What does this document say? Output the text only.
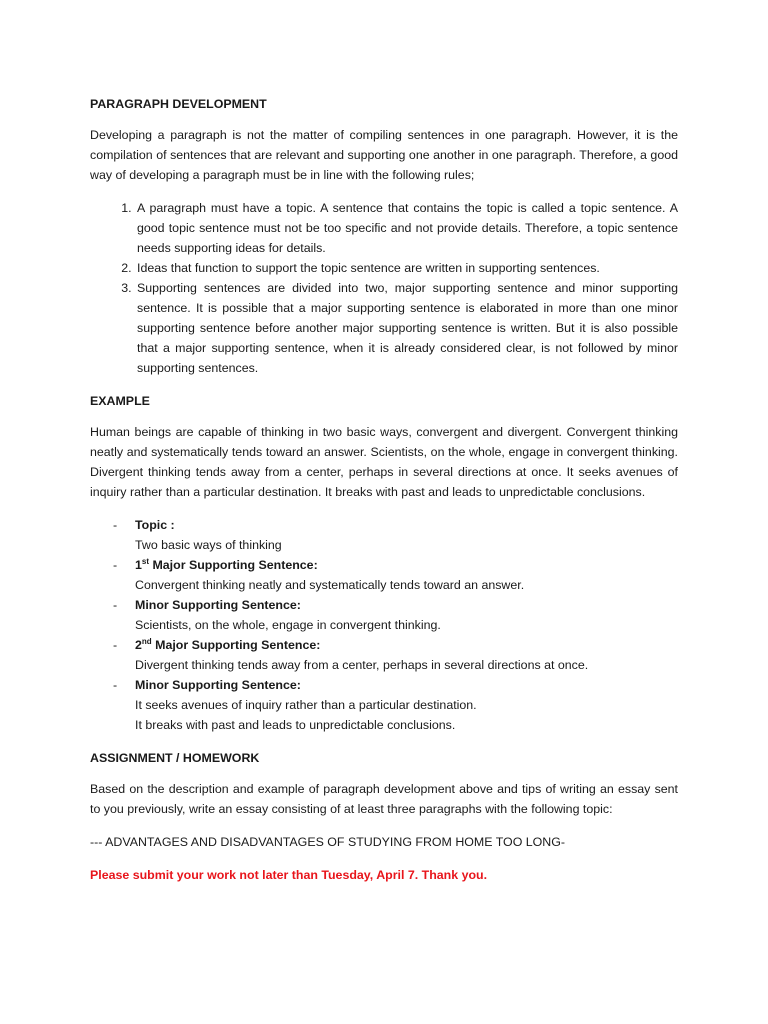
PARAGRAPH DEVELOPMENT

Developing a paragraph is not the matter of compiling sentences in one paragraph. However, it is the compilation of sentences that are relevant and supporting one another in one paragraph. Therefore, a good way of developing a paragraph must be in line with the following rules;

1. A paragraph must have a topic. A sentence that contains the topic is called a topic sentence. A good topic sentence must not be too specific and not provide details. Therefore, a topic sentence needs supporting ideas for details.
2. Ideas that function to support the topic sentence are written in supporting sentences.
3. Supporting sentences are divided into two, major supporting sentence and minor supporting sentence. It is possible that a major supporting sentence is elaborated in more than one minor supporting sentence before another major supporting sentence is written. But it is also possible that a major supporting sentence, when it is already considered clear, is not followed by minor supporting sentences.

EXAMPLE

Human beings are capable of thinking in two basic ways, convergent and divergent. Convergent thinking neatly and systematically tends toward an answer. Scientists, on the whole, engage in convergent thinking. Divergent thinking tends away from a center, perhaps in several directions at once. It seeks avenues of inquiry rather than a particular destination. It breaks with past and leads to unpredictable conclusions.

- Topic :
Two basic ways of thinking
- 1st Major Supporting Sentence:
Convergent thinking neatly and systematically tends toward an answer.
- Minor Supporting Sentence:
Scientists, on the whole, engage in convergent thinking.
- 2nd Major Supporting Sentence:
Divergent thinking tends away from a center, perhaps in several directions at once.
- Minor Supporting Sentence:
It seeks avenues of inquiry rather than a particular destination.
It breaks with past and leads to unpredictable conclusions.

ASSIGNMENT / HOMEWORK

Based on the description and example of paragraph development above and tips of writing an essay sent to you previously, write an essay consisting of at least three paragraphs with the following topic:

--- ADVANTAGES AND DISADVANTAGES OF STUDYING FROM HOME TOO LONG-

Please submit your work not later than Tuesday, April 7. Thank you.
